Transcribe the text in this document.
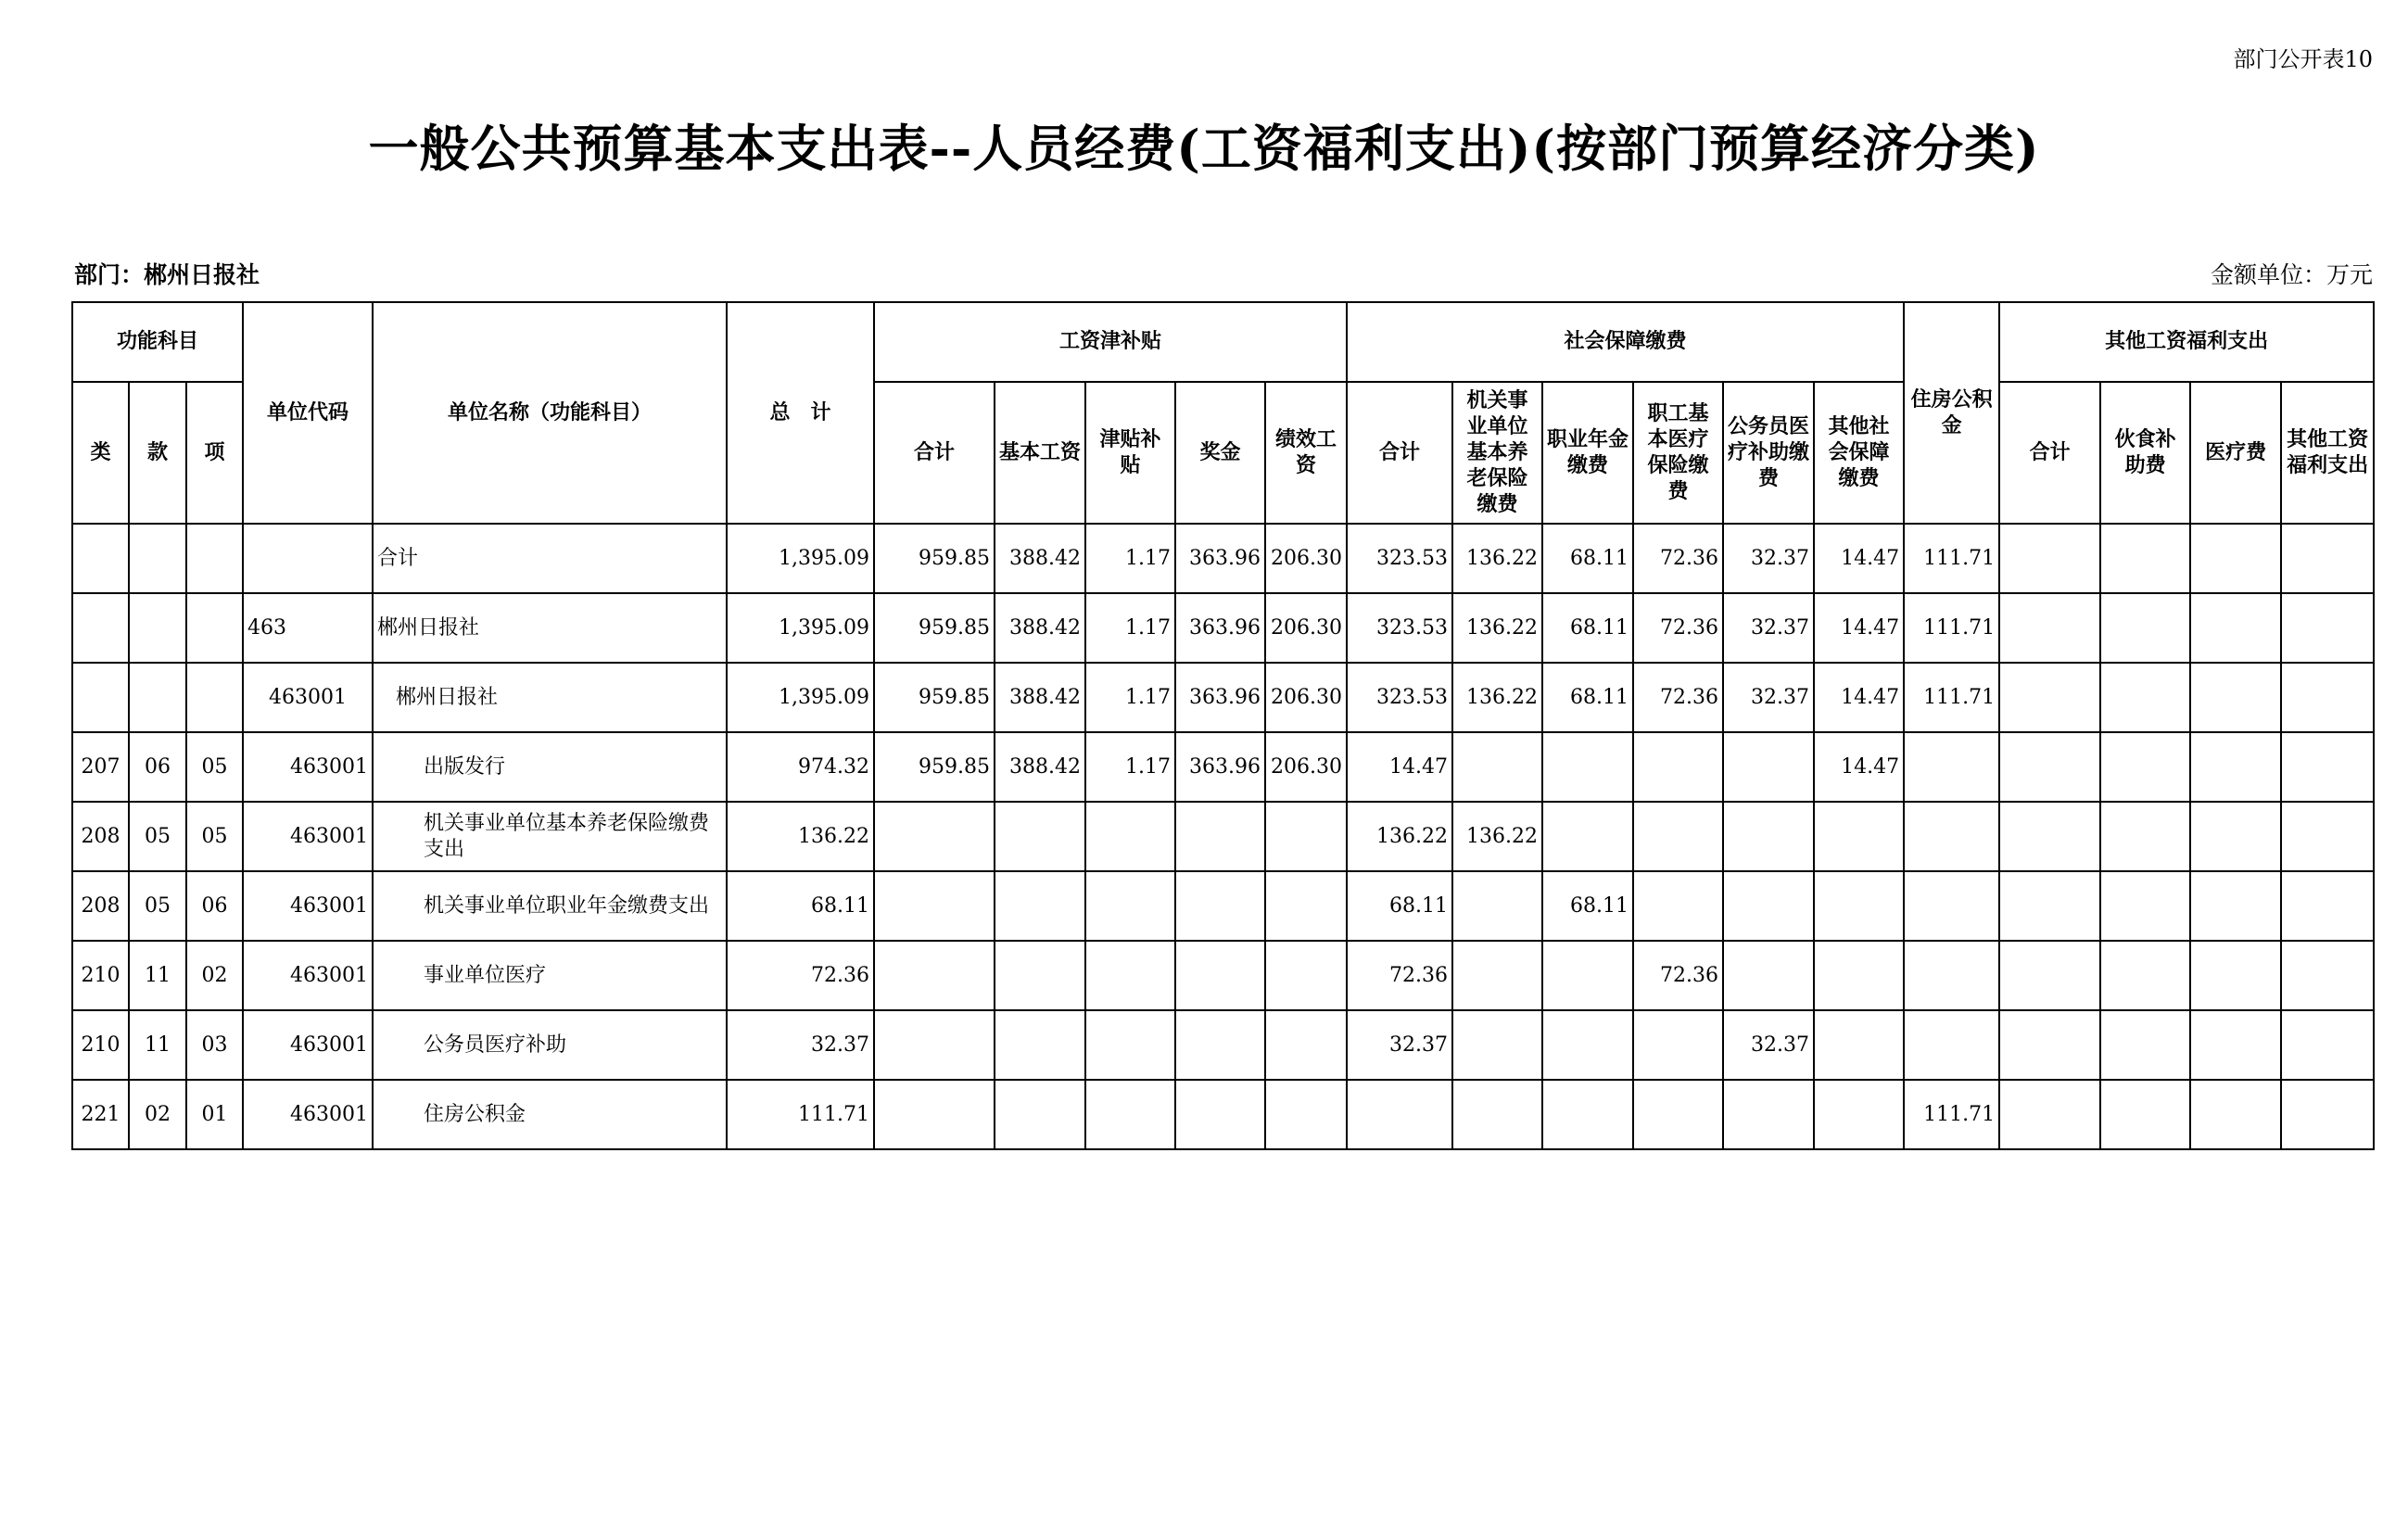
部门公开表10
一般公共预算基本支出表--人员经费(工资福利支出)(按部门预算经济分类)
部门：郴州日报社	金额单位：万元
功能科目			单位代码	单位名称（功能科目）	总　计	工资津补贴					社会保障缴费						住房公积金	其他工资福利支出			
类	款	项				合计	基本工资	津贴补贴	奖金	绩效工资	合计	机关事业单位基本养老保险缴费	职业年金缴费	职工基本医疗保险缴费	公务员医疗补助缴费	其他社会保障缴费		合计	伙食补助费	医疗费	其他工资福利支出
				合计	1,395.09	959.85	388.42	1.17	363.96	206.30	323.53	136.22	68.11	72.36	32.37	14.47	111.71				
			463	郴州日报社	1,395.09	959.85	388.42	1.17	363.96	206.30	323.53	136.22	68.11	72.36	32.37	14.47	111.71				
			463001	郴州日报社	1,395.09	959.85	388.42	1.17	363.96	206.30	323.53	136.22	68.11	72.36	32.37	14.47	111.71				
207	06	05	463001	出版发行	974.32	959.85	388.42	1.17	363.96	206.30	14.47					14.47					
208	05	05	463001	机关事业单位基本养老保险缴费支出	136.22						136.22	136.22									
208	05	06	463001	机关事业单位职业年金缴费支出	68.11						68.11		68.11								
210	11	02	463001	事业单位医疗	72.36						72.36			72.36							
210	11	03	463001	公务员医疗补助	32.37						32.37				32.37						
221	02	01	463001	住房公积金	111.71												111.71				
